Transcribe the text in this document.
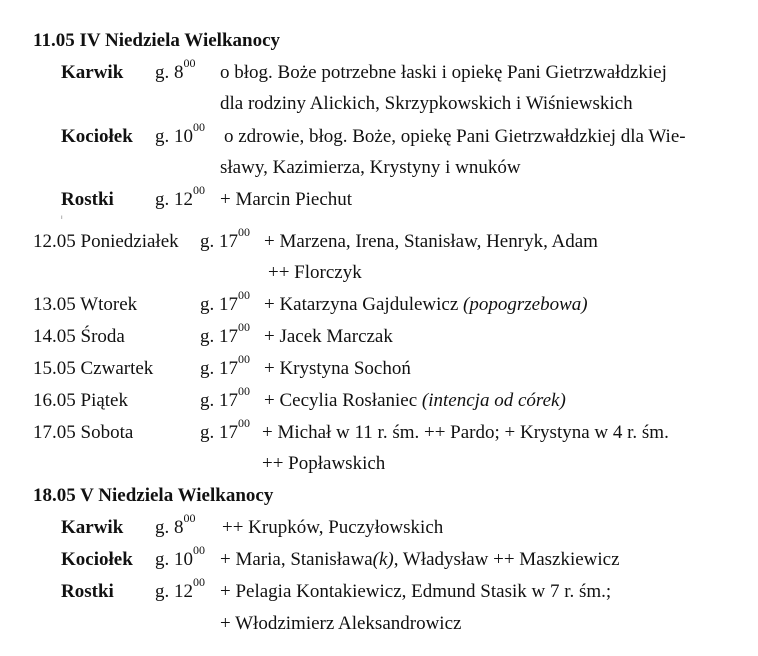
11.05 IV Niedziela Wielkanocy
Karwik g. $8^{00}$ o błog. Boże potrzebne łaski i opiekę Pani Gietrzwałdzkiej
dla rodziny Alickich, Skrzypkowskich i Wiśniewskich
Kociołek g. $10^{00}$ o zdrowie, błog. Boże, opiekę Pani Gietrzwałdzkiej dla Wie-
sławy, Kazimierza, Krystyny i wnuków
Rostki g. $12^{00}$ + Marcin Piechut
ı
12.05 Poniedziałek g. $17^{00}$ + Marzena, Irena, Stanisław, Henryk, Adam
++ Florczyk
13.05 Wtorek	g. $17^{00}$ + Katarzyna Gajdulewicz (popogrzebowa)
14.05 Środa	g. $17^{00}$ + Jacek Marczak
15.05 Czwartek g. $17^{00}$ + Krystyna Sochoń
16.05 Piątek	g. $17^{00}$ + Cecylia Rosłaniec (intencja od córek)
17.05 Sobota	g. $17^{00}$ + Michał w 11 r. śm. ++ Pardo; + Krystyna w 4 r. śm.
++ Popławskich
18.05 V Niedziela Wielkanocy
Karwik g. $8^{00}$ ++ Krupków, Puczyłowskich
Kociołek g. $10^{00}$ + Maria, Stanisława(k), Władysław ++ Maszkiewicz
Rostki g. $12^{00}$ + Pelagia Kontakiewicz, Edmund Stasik w 7 r. śm.;
+ Włodzimierz Aleksandrowicz
